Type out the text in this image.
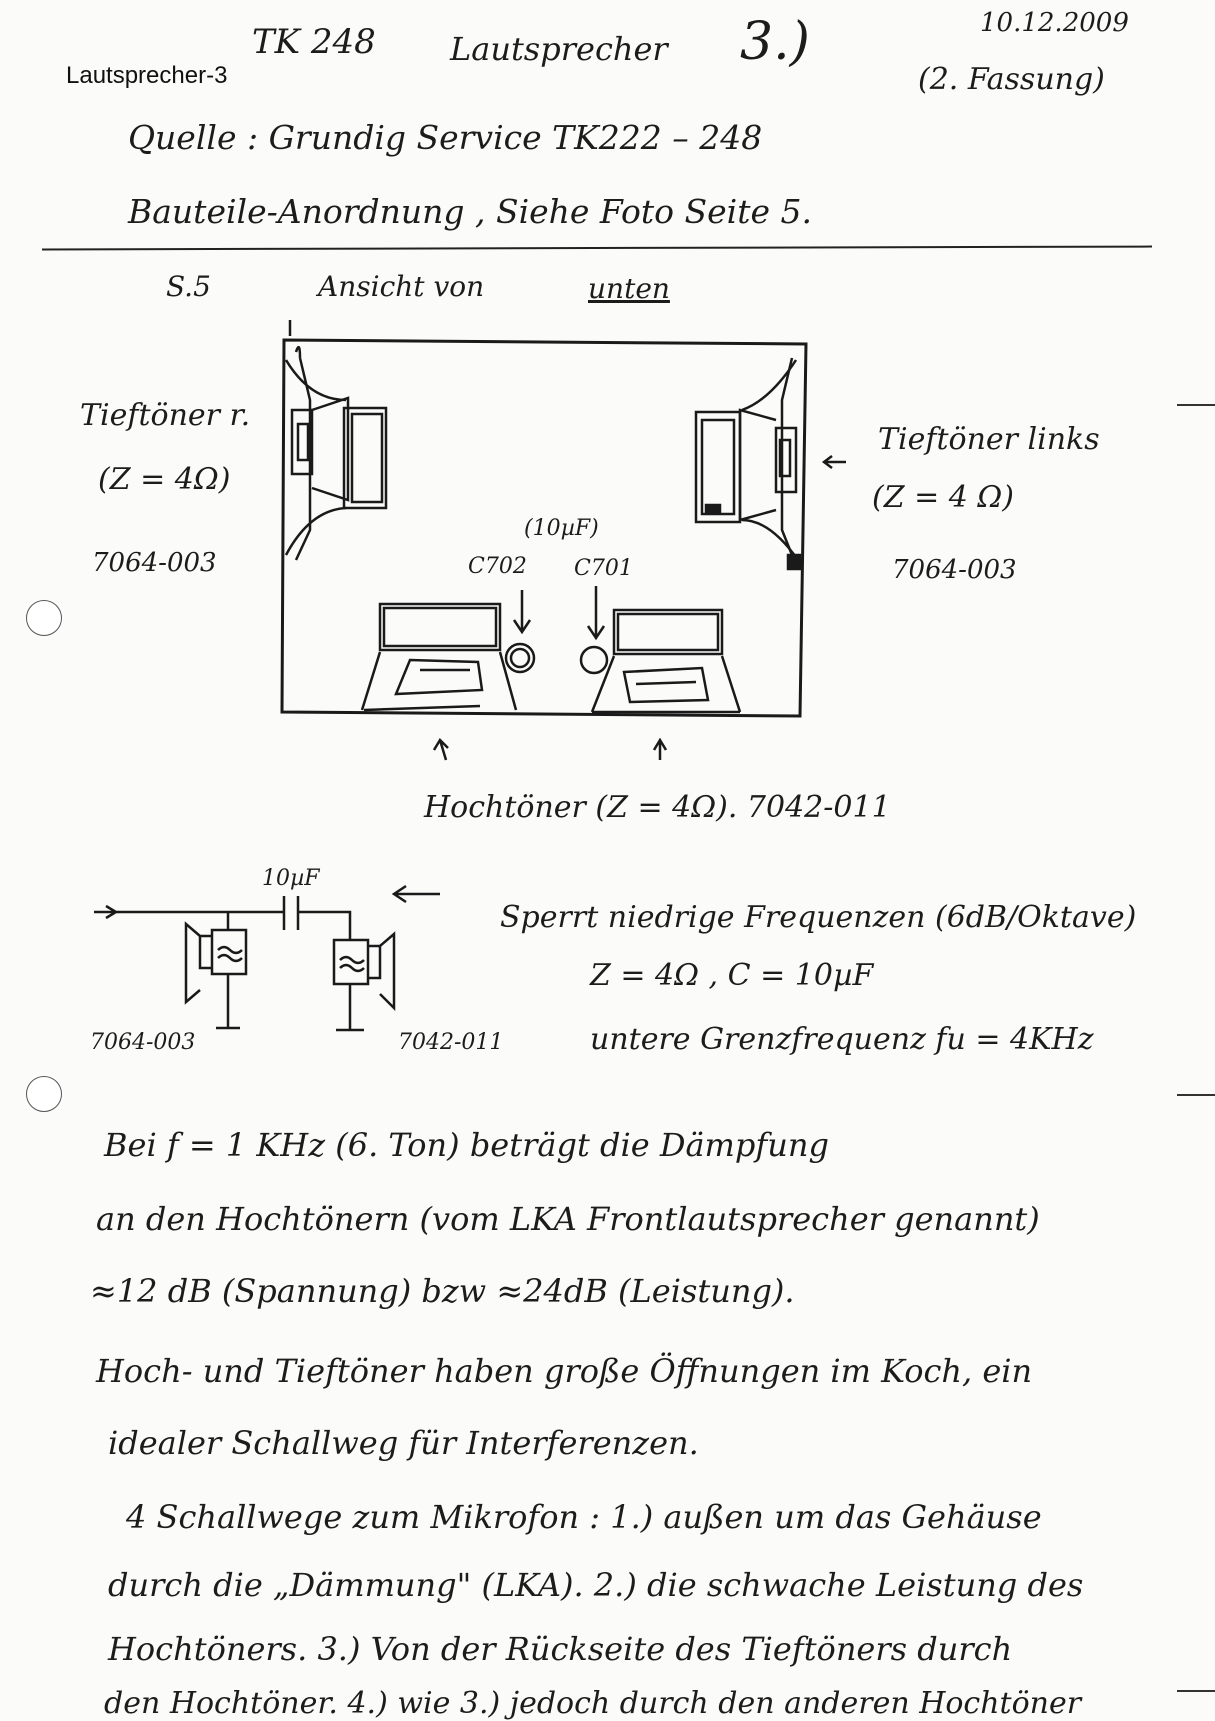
Lautsprecher-3
TK 248 Lautsprecher 3.)	10.12.2009
(2. Fassung)
Quelle : Grundig Service TK222 – 248
Bauteile-Anordnung , Siehe Foto Seite 5.
S.5	Ansicht von	unten
Tieftöner r.
(Z = 4Ω)
7064-003
Tieftöner links
(Z = 4 Ω)
7064-003
(10µF)
C702 C701
Hochtöner (Z = 4Ω). 7042-011
10µF
7064-003	7042-011
Sperrt niedrige Frequenzen (6dB/Oktave)
Z = 4Ω , C = 10µF
untere Grenzfrequenz fu = 4KHz
Bei f = 1 KHz (6. Ton) beträgt die Dämpfung
an den Hochtönern (vom LKA Frontlautsprecher genannt)
≈12 dB (Spannung) bzw ≈24dB (Leistung).
Hoch- und Tieftöner haben große Öffnungen im Koch, ein
idealer Schallweg für Interferenzen.
4 Schallwege zum Mikrofon : 1.) außen um das Gehäuse
durch die „Dämmung" (LKA). 2.) die schwache Leistung des
Hochtöners. 3.) Von der Rückseite des Tieftöners durch
den Hochtöner. 4.) wie 3.) jedoch durch den anderen Hochtöner
